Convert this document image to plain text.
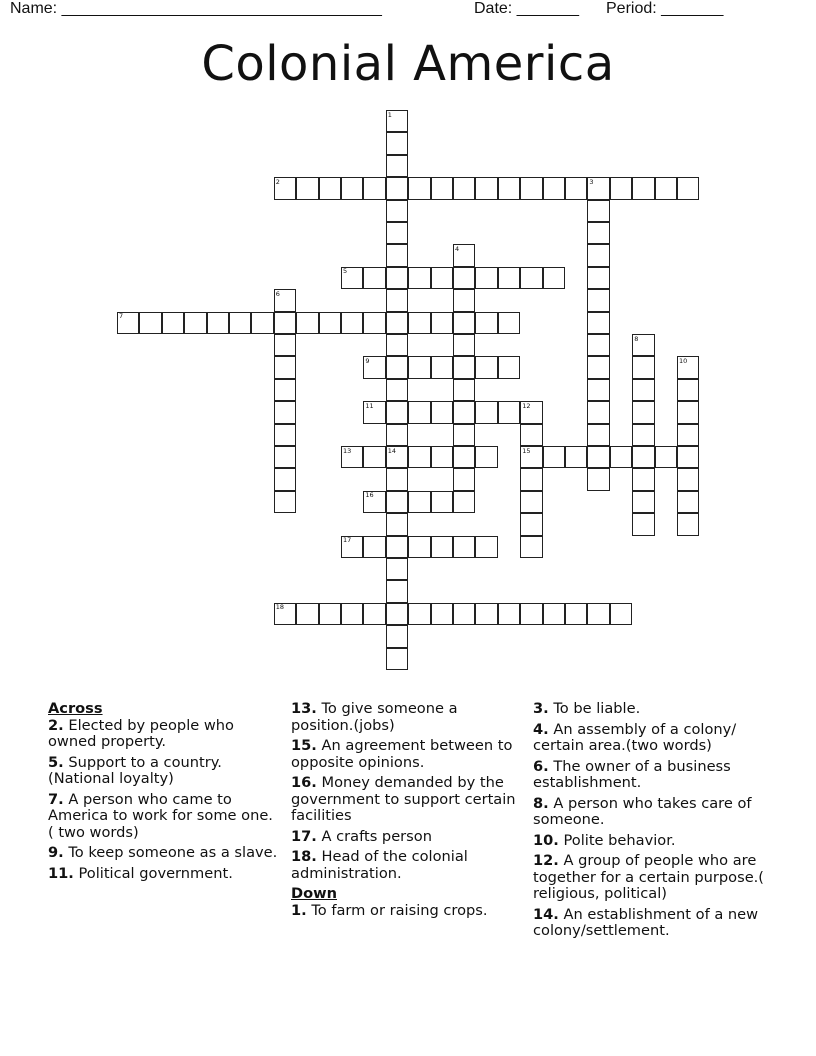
Name: ____________________________________	Date: _______ Period: _______
Colonial America
1
2	3
4
5
6
7
8
9	10
11	12
13	14	15
16
17
18
Across
2. Elected by people who owned property.
5. Support to a country.(National loyalty)
7. A person who came to America to work for some one. ( two words)
9. To keep someone as a slave.
11. Political government.
13. To give someone a position.(jobs)
15. An agreement between to opposite opinions.
16. Money demanded by the government to support certain facilities
17. A crafts person
18. Head of the colonial administration.
Down
1. To farm or raising crops.
3. To be liable.
4. An assembly of a colony/ certain area.(two words)
6. The owner of a business establishment.
8. A person who takes care of someone.
10. Polite behavior.
12. A group of people who are together for a certain purpose.( religious, political)
14. An establishment of a new colony/settlement.
